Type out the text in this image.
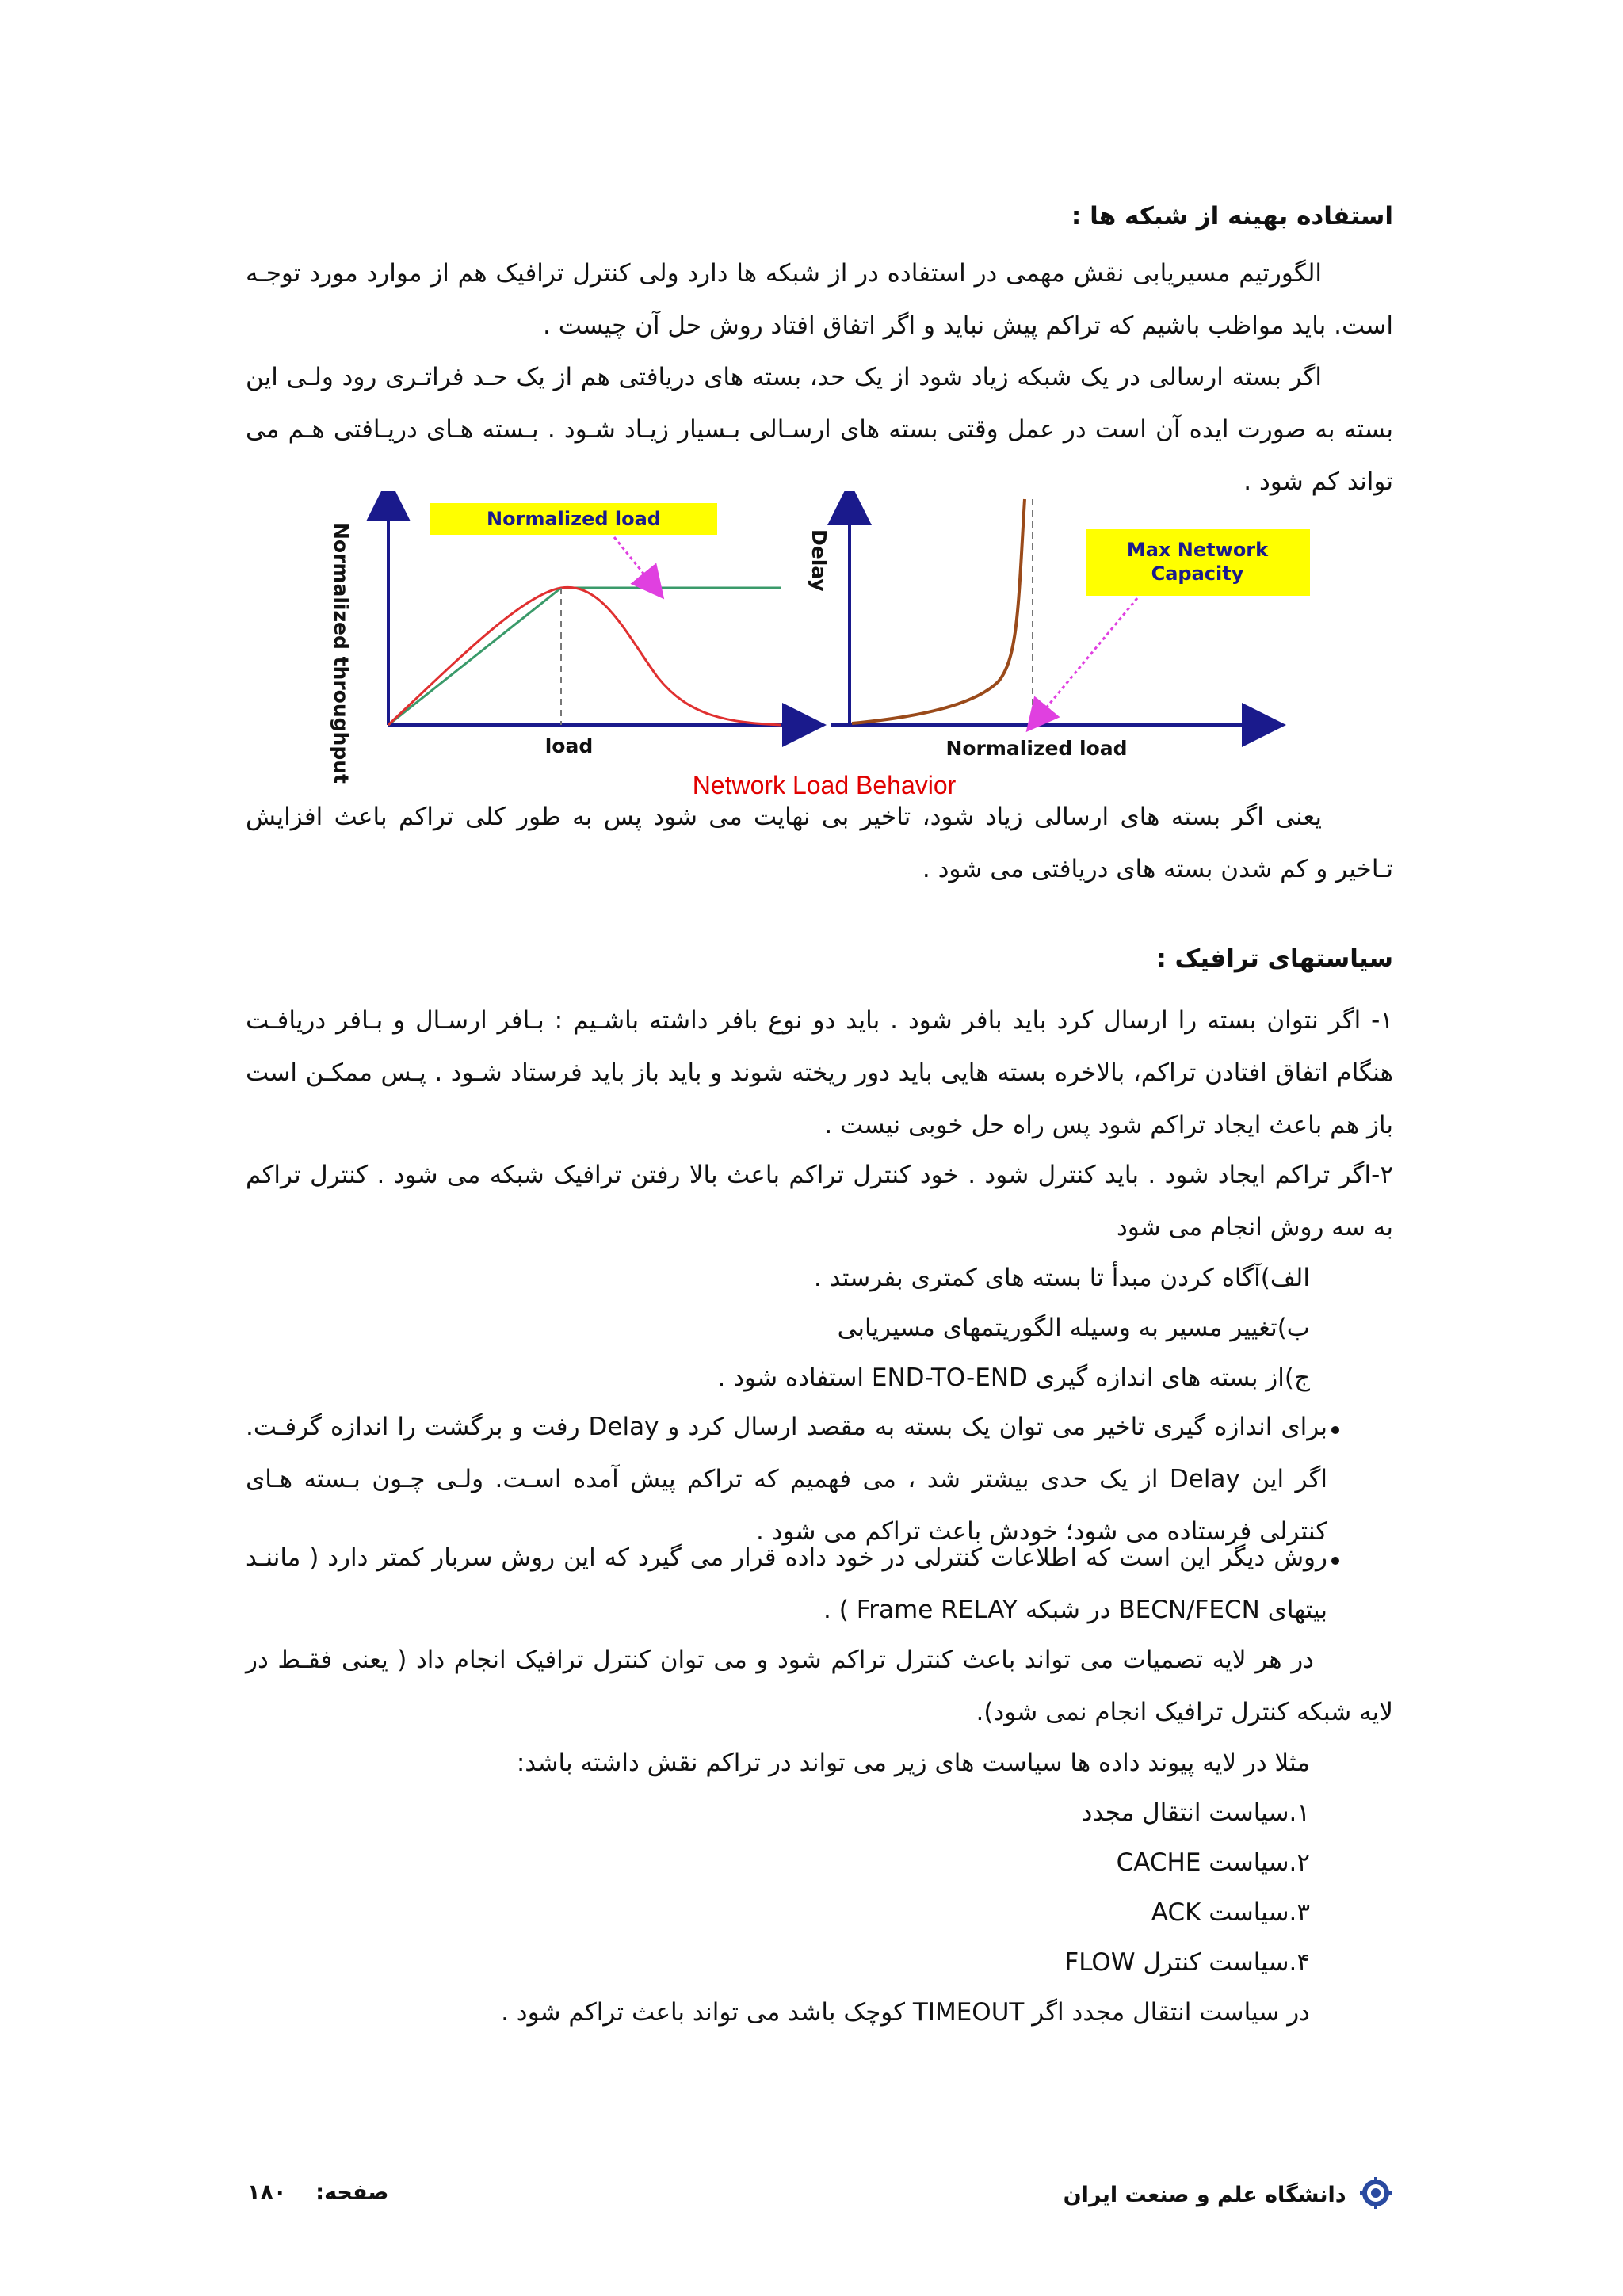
استفاده بهینه از شبکه ها :
الگورتیم مسیریابی نقش مهمی در استفاده در از شبکه ها دارد ولی کنترل ترافیک هم از موارد مورد توجـه است. باید مواظب باشیم که تراکم پیش نباید و اگر اتفاق افتاد روش حل آن چیست .
اگر بسته ارسالی در یک شبکه زیاد شود از یک حد، بسته های دریافتی هم از یک حـد فراتـری رود ولـی این بسته به صورت ایده آن است در عمل وقتی بسته های ارسـالی بـسیار زیـاد شـود . بـسته هـای دریـافتی هـم می تواند کم شود .
Normalized load
Normalized throughput	load
Max Network
Capacity
Delay
Normalized load
Network Load Behavior
یعنی اگر بسته های ارسالی زیاد شود، تاخیر بی نهایت می شود پس به طور کلی تراکم باعث افزایش تـاخیر و کم شدن بسته های دریافتی می شود .
سیاستهای ترافیک :
۱- اگر نتوان بسته را ارسال کرد باید بافر شود . باید دو نوع بافر داشته باشـیم : بـافر ارسـال و بـافر دریافـت هنگام اتفاق افتادن تراکم، بالاخره بسته هایی باید دور ریخته شوند و باید باز باید فرستاد شـود . پـس ممکـن است باز هم باعث ایجاد تراکم شود پس راه حل خوبی نیست .
۲-اگر تراکم ایجاد شود . باید کنترل شود . خود کنترل تراکم باعث بالا رفتن ترافیک شبکه می شود . کنترل تراکم به سه روش انجام می شود
الف)آگاه کردن مبدأ تا بسته های کمتری بفرستد .
ب)تغییر مسیر به وسیله الگوریتمهای مسیریابی
ج)از بسته های اندازه گیری END-TO-END استفاده شود .
برای اندازه گیری تاخیر می توان یک بسته به مقصد ارسال کرد و Delay رفت و برگشت را اندازه گرفـت. اگر این Delay از یک حدی بیشتر شد ، می فهمیم که تراکم پیش آمده اسـت. ولـی چـون بـسته هـای کنترلی فرستاده می شود؛ خودش باعث تراکم می شود .
روش دیگر این است که اطلاعات کنترلی در خود داده قرار می گیرد که این روش سربار کمتر دارد ( ماننـد بیتهای BECN/FECN در شبکه Frame RELAY ) .
در هر لایه تصمیات می تواند باعث کنترل تراکم شود و می توان کنترل ترافیک انجام داد ( یعنی فقـط در لایه شبکه کنترل ترافیک انجام نمی شود).
مثلا در لایه پیوند داده ها سیاست های زیر می تواند در تراکم نقش داشته باشد:
۱.سیاست انتقال مجدد
۲.سیاست CACHE
۳.سیاست ACK
۴.سیاست کنترل FLOW
در سیاست انتقال مجدد اگر TIMEOUT کوچک باشد می تواند باعث تراکم شود .
دانشگاه علم و صنعت ایران
صفحه:  ۱۸۰
